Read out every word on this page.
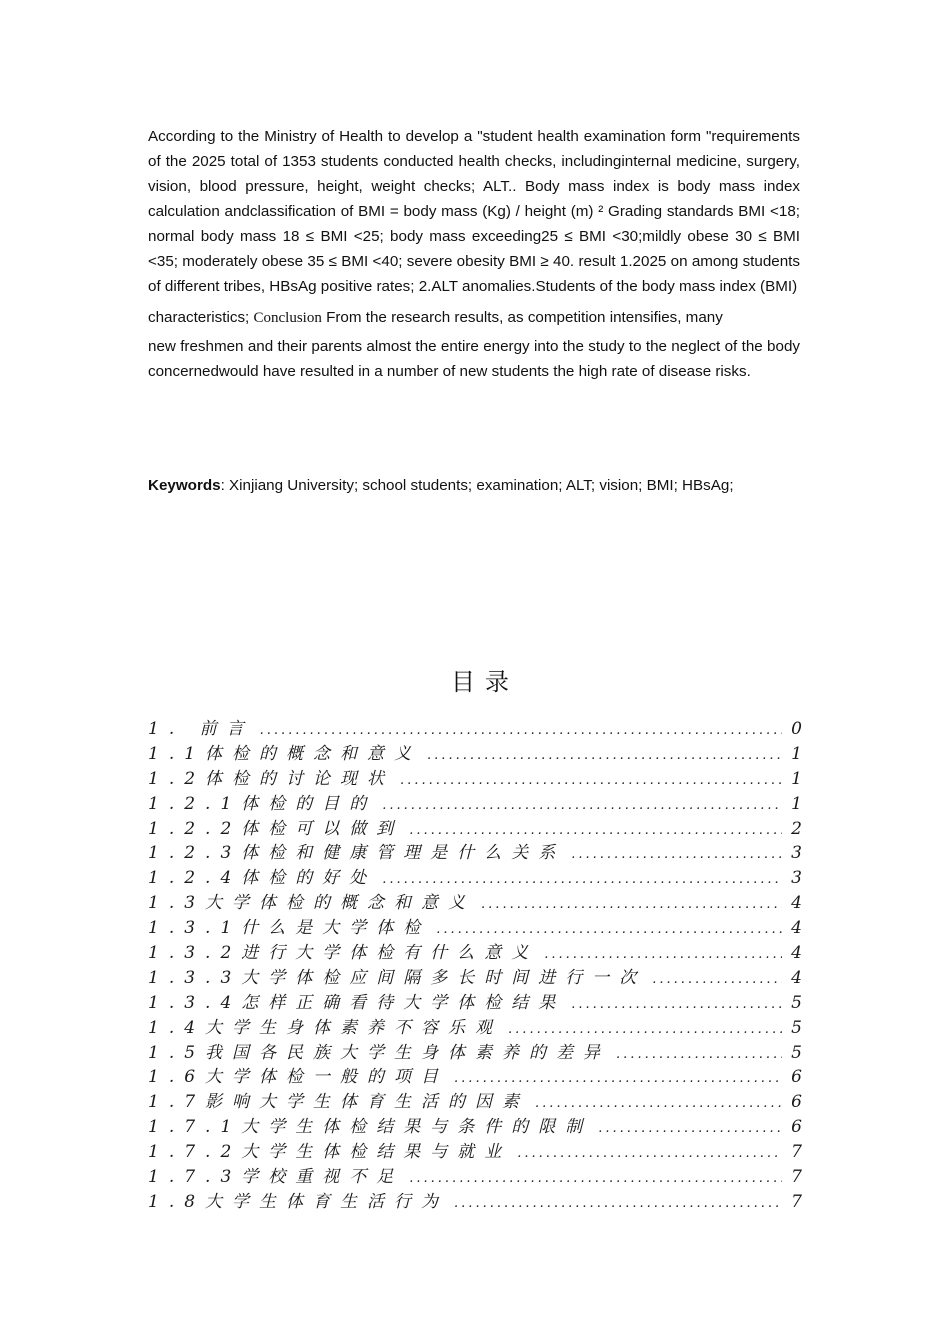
According to the Ministry of Health to develop a "student health examination form "requirements of the 2025 total of 1353 students conducted health checks, includinginternal medicine, surgery, vision, blood pressure, height, weight checks; ALT.. Body mass index is body mass index calculation andclassification of BMI = body mass (Kg) / height (m) ² Grading standards BMI <18; normal body mass 18 ≤ BMI <25; body mass exceeding25 ≤ BMI <30;mildly obese 30 ≤ BMI <35; moderately obese 35 ≤ BMI <40; severe obesity BMI ≥ 40. result 1.2025 on among students of different tribes, HBsAg positive rates; 2.ALT anomalies.Students of the body mass index (BMI)

characteristics; Conclusion From the research results, as competition intensifies, many

new freshmen and their parents almost the entire energy into the study to the neglect of the body concernedwould have resulted in a number of new students the high rate of disease risks.

Keywords: Xinjiang University; school students; examination; ALT; vision; BMI; HBsAg;
目录
1. 前言 .....	0
1.1体检的概念和意义 .....	1
1.2体检的讨论现状 .....	1
1.2.1体检的目的 .....	1
1.2.2体检可以做到 .....	2
1.2.3体检和健康管理是什么关系 .....	3
1.2.4体检的好处 .....	3
1.3大学体检的概念和意义 .....	4
1.3.1什么是大学体检 .....	4
1.3.2进行大学体检有什么意义 .....	4
1.3.3大学体检应间隔多长时间进行一次 .....	4
1.3.4怎样正确看待大学体检结果 .....	5
1.4大学生身体素养不容乐观 .....	5
1.5我国各民族大学生身体素养的差异 .....	5
1.6大学体检一般的项目 .....	6
1.7影响大学生体育生活的因素 .....	6
1.7.1大学生体检结果与条件的限制 .....	6
1.7.2大学生体检结果与就业 .....	7
1.7.3学校重视不足 .....	7
1.8大学生体育生活行为 .....	7
